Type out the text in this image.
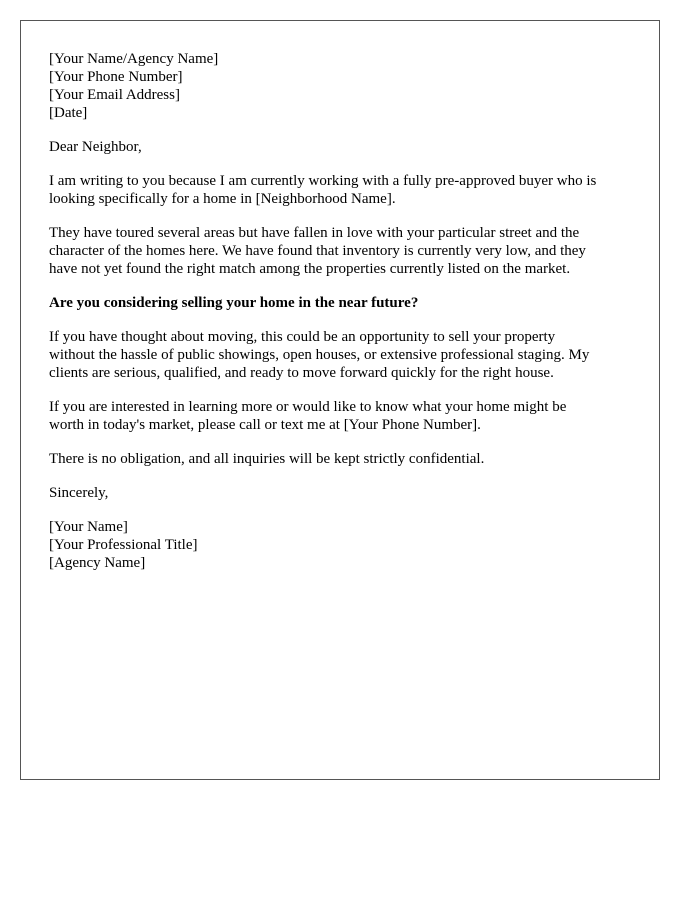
[Your Name/Agency Name]
[Your Phone Number]
[Your Email Address]
[Date]
Dear Neighbor,
I am writing to you because I am currently working with a fully pre-approved buyer who is
looking specifically for a home in [Neighborhood Name].
They have toured several areas but have fallen in love with your particular street and the
character of the homes here. We have found that inventory is currently very low, and they
have not yet found the right match among the properties currently listed on the market.
Are you considering selling your home in the near future?
If you have thought about moving, this could be an opportunity to sell your property
without the hassle of public showings, open houses, or extensive professional staging. My
clients are serious, qualified, and ready to move forward quickly for the right house.
If you are interested in learning more or would like to know what your home might be
worth in today's market, please call or text me at [Your Phone Number].
There is no obligation, and all inquiries will be kept strictly confidential.
Sincerely,
[Your Name]
[Your Professional Title]
[Agency Name]
